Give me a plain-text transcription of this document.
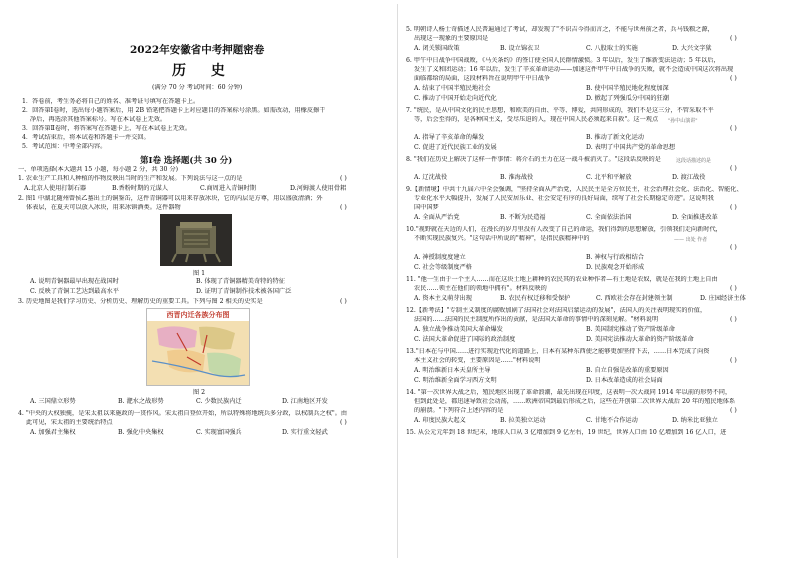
2022年安徽省中考押题密卷
历 史
(满分 70 分 考试时间：60 分钟)
1．答卷前，考生务必将自己的姓名、准考证号填写在答题卡上。
2．回答第Ⅰ卷时，选出每小题答案后，用 2B 铅笔把答题卡上对应题目的答案标号涂黑。如需改动，用橡皮擦干
净后，再选涂其他答案标号。写在本试卷上无效。
3．回答第Ⅱ卷时，将答案写在答题卡上，写在本试卷上无效。
4．考试结束后，将本试卷和答题卡一并交回。
5．考试范围：中考全部内容。
第Ⅰ卷 选择题(共 30 分)
一、单项选择(本大题共 15 小题，每小题 2 分，共 30 分)
1. 农业生产工具和人种植的作物反映出当时的生产和发展。下列说法与这一点的是	( )
A.北京人使用打制石器	B.香粉时期的元谋人	C.商周进入青铜时期	D.河姆渡人使用骨耜
2. 图1 中湖北随州曾侯乙墓出土的铜鉴缶，这件青铜器可以用来存放冰块，它的内层是方尊，用以盛放清酒；外
体表层，在夏天可以放入冰块，用来冰镇酒类。这件器物	( )
图 1
A. 说明青铜器最早出现在战国时	B. 体现了青铜器精美奇特的特征
C. 反映了青铜工艺达到最高水平	D. 证明了青铜制作技术被各国广泛
3. 历史地图是我们学习历史、分析历史、理解历史的重要工具。下列与图 2 相关的史实是	( )
西晋内迁各族分布图
图 2
A. 三国鼎立形势	B. 淝水之战形势	C. 少数民族内迁	D. 江南地区开发
4. "中央的大权独揽，是宋太祖以来施政的一贯作风。宋太祖自登位开始，所以特殊将地统兵多分政，以权制兵之权"。由
此可见，宋太祖的主要统治特点	( )
A. 加强君主集权	B. 强化中央集权	C. 实现富国强兵	D. 实行重文轻武
5. 明朝诗人杨士奇描述人民普遍通过了考试，却发现了"不识吉今得而言之，不能与世州前之者，兵马钱粮之源，
出现这一现象的主要原因是	( )
A. 闭关锁国政策	B. 设立锦衣卫	C. 八股取士的实施	D. 大兴文字狱
6. 甲午中日战争中国战败，《马关条约》的签订使全国人民群情激愤。3 年以后，发生了维新变法运动；5 年以后，
发生了义和团运动；16 年以后，发生了辛亥革命运动——加速这件甲午中日战争的失败，就不会造成中国这次将出现
面临都给的局面，这段材料旨在说明甲午中日战争	( )
A. 结束了中国半殖民地社会	B. 使中国半殖民地化程度加深
C. 推动了中国开始走向近代化	D. 掀起了列强瓜分中国的狂潮
7. "统民，是从中国文化的民主思想，和欧美的自由、平等、博爱，共同形成的，我们不是这三分，不管采取不平
等，后会至得的，是各种国主义，受尽压迫的人，现在中国人民必须起来自救"。这一观点	"孙中山演讲"
( )
A. 指导了辛亥革命的爆发	B. 推动了新文化运动
C. 促进了近代民族工业的发展	D. 表明了中国共产党的革命思想
8. "我们在历史上解决了这样一件事情：蒋介石的主力在这一战斗被消灭了。"这段话反映的是	这段话描述的是
( )
A. 辽沈战役	B. 淮海战役	C. 北平和平解放	D. 渡江战役
9.【新情境】中共十九届六中全会强调，"坚持全面从严治党，人民民主是全方位民主，社会治理社会化、法治化、智能化、
专业化水平大幅提升，发展了人民安居乐业、社会安定有序的良好局面，续写了社会长期稳定奇迹"。这说明我
国中国梦	( )
A. 全面从严治党	B. 不断为民造福	C. 全面依法治国	D. 全面推进改革
10."视野就在天边的人们，在漫长的岁月里没有人改变了自己的命运，我们得到的思想解放，引领我们走向新时代，
不断实现民族复兴。"这句话中所说的"精神"，是指民族精神中的	—— 出处 作者
( )
A. 神授制度度建立	B. 神权与行政相结合
C. 社会等级制度严格	D. 民族观念开始形成
11. "他一生由于一个主人……而在这块土地上耕种的农民其的农业种作者—有土地是农奴，就是在我的土地上自由
农民……领主在他们的领地中拥有"。材料反映的	( )
A. 资本主义萌芽出现	B. 农民有权迁移和受保护	C. 西欧社会存在封建领主制	D. 庄园经济主体
12.【新考法】"专制主义制度的腐败加剧了法国社会对法国启蒙运动的发展"，法国人的关注表明现实的价值，
法国的……法国的民主制度所作出的贡献，是法国大革命的事情中的深刻见解。"材料说明	( )
A. 独立战争推动美国大革命爆发	B. 美国制宪推动了资产阶级革命
C. 法国大革命促进了国际的政治制度	D. 美国宪法推动大革命的资产阶级革命
13."日本在与中国……进行实现近代化的道路上，日本有某种东西使之能够更加坚持下去，……日本完成了向资
本主义社会的转变，主要原因是……"材料说明	( )
A. 明治维新日本天皇所主导	B. 自立自强是改革的重要原因
C. 明治维新全面学习西方文明	D. 日本改革造成的社会局面
14. "第一次世界大战之后，殖民地区出现了革命浪潮，最先出现在印度，这表明一次大战同 1914 年以前的形势不同，
但到此处是，都迅速导致社会动荡，……欧洲帝国到最后形成之后，这些在开创第二次世界大战后 20 年的殖民地体系
的崩溃。"下列符合上述内容的是	( )
A. 印度民族大起义	B. 拉美独立运动	C. 甘地不合作运动	D. 纳米比亚独立
15. 从公元元年到 18 世纪末，地球人口从 3 亿增加到 9 亿左右，19 世纪，世界人口由 10 亿增加到 16 亿人口，进
